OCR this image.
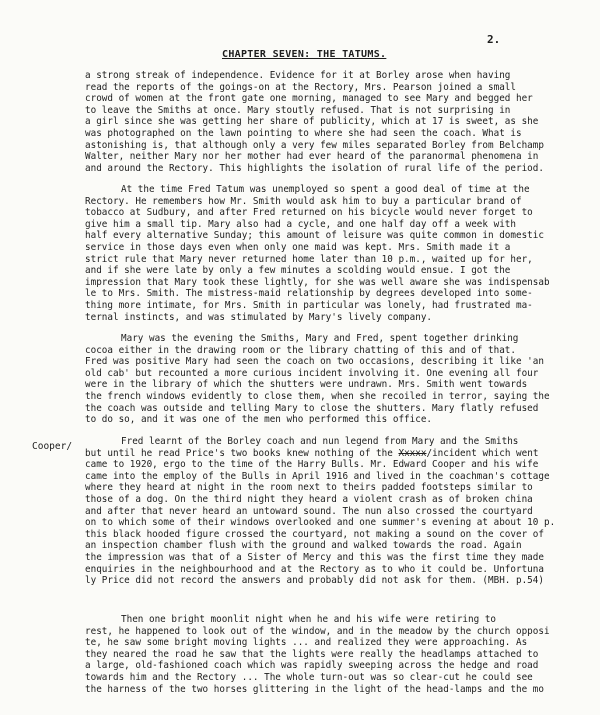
2.
CHAPTER SEVEN: THE TATUMS.
Cooper/
a strong streak of independence. Evidence for it at Borley arose when having
read the reports of the goings-on at the Rectory, Mrs. Pearson joined a small
crowd of women at the front gate one morning, managed to see Mary and begged her
to leave the Smiths at once. Mary stoutly refused. That is not surprising in
a girl since she was getting her share of publicity, which at 17 is sweet, as she
was photographed on the lawn pointing to where she had seen the coach. What is
astonishing is, that although only a very few miles separated Borley from Belchamp
Walter, neither Mary nor her mother had ever heard of the paranormal phenomena in
and around the Rectory. This highlights the isolation of rural life of the period.
At the time Fred Tatum was unemployed so spent a good deal of time at the
Rectory. He remembers how Mr. Smith would ask him to buy a particular brand of
tobacco at Sudbury, and after Fred returned on his bicycle would never forget to
give him a small tip. Mary also had a cycle, and one half day off a week with
half every alternative Sunday; this amount of leisure was quite common in domestic
service in those days even when only one maid was kept. Mrs. Smith made it a
strict rule that Mary never returned home later than 10 p.m., waited up for her,
and if she were late by only a few minutes a scolding would ensue. I got the
impression that Mary took these lightly, for she was well aware she was indispensab
le to Mrs. Smith. The mistress-maid relationship by degrees developed into some-
thing more intimate, for Mrs. Smith in particular was lonely, had frustrated ma-
ternal instincts, and was stimulated by Mary's lively company.
Mary was the evening the Smiths, Mary and Fred, spent together drinking
cocoa either in the drawing room or the library chatting of this and of that.
Fred was positive Mary had seen the coach on two occasions, describing it like 'an
old cab' but recounted a more curious incident involving it. One evening all four
were in the library of which the shutters were undrawn. Mrs. Smith went towards
the french windows evidently to close them, when she recoiled in terror, saying the
the coach was outside and telling Mary to close the shutters. Mary flatly refused
to do so, and it was one of the men who performed this office.
Fred learnt of the Borley coach and nun legend from Mary and the Smiths
but until he read Price's two books knew nothing of the Xxxxx/incident which went
came to 1920, ergo to the time of the Harry Bulls. Mr. Edward Cooper and his wife
came into the employ of the Bulls in April 1916 and lived in the coachman's cottage
where they heard at night in the room next to theirs padded footsteps similar to
those of a dog. On the third night they heard a violent crash as of broken china
and after that never heard an untoward sound. The nun also crossed the courtyard
on to which some of their windows overlooked and one summer's evening at about 10 p.
this black hooded figure crossed the courtyard, not making a sound on the cover of
an inspection chamber flush with the ground and walked towards the road. Again
the impression was that of a Sister of Mercy and this was the first time they made
enquiries in the neighbourhood and at the Rectory as to who it could be. Unfortuna
ly Price did not record the answers and probably did not ask for them. (MBH. p.54)
Then one bright moonlit night when he and his wife were retiring to
rest, he happened to look out of the window, and in the meadow by the church opposi
te, he saw some bright moving lights ... and realized they were approaching. As
they neared the road he saw that the lights were really the headlamps attached to
a large, old-fashioned coach which was rapidly sweeping across the hedge and road
towards him and the Rectory ... The whole turn-out was so clear-cut he could see
the harness of the two horses glittering in the light of the head-lamps and the mo
